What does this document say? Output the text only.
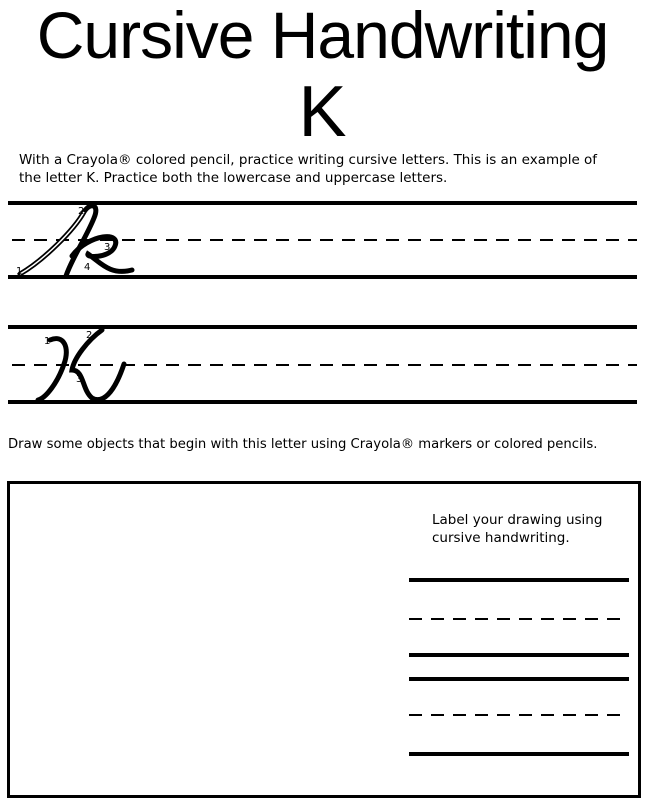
Cursive Handwriting
K

With a Crayola® colored pencil, practice writing cursive letters. This is an example of the letter K. Practice both the lowercase and uppercase letters.

1
2
3
4
1
2
3

Draw some objects that begin with this letter using Crayola® markers or colored pencils.

Label your drawing using cursive handwriting.
